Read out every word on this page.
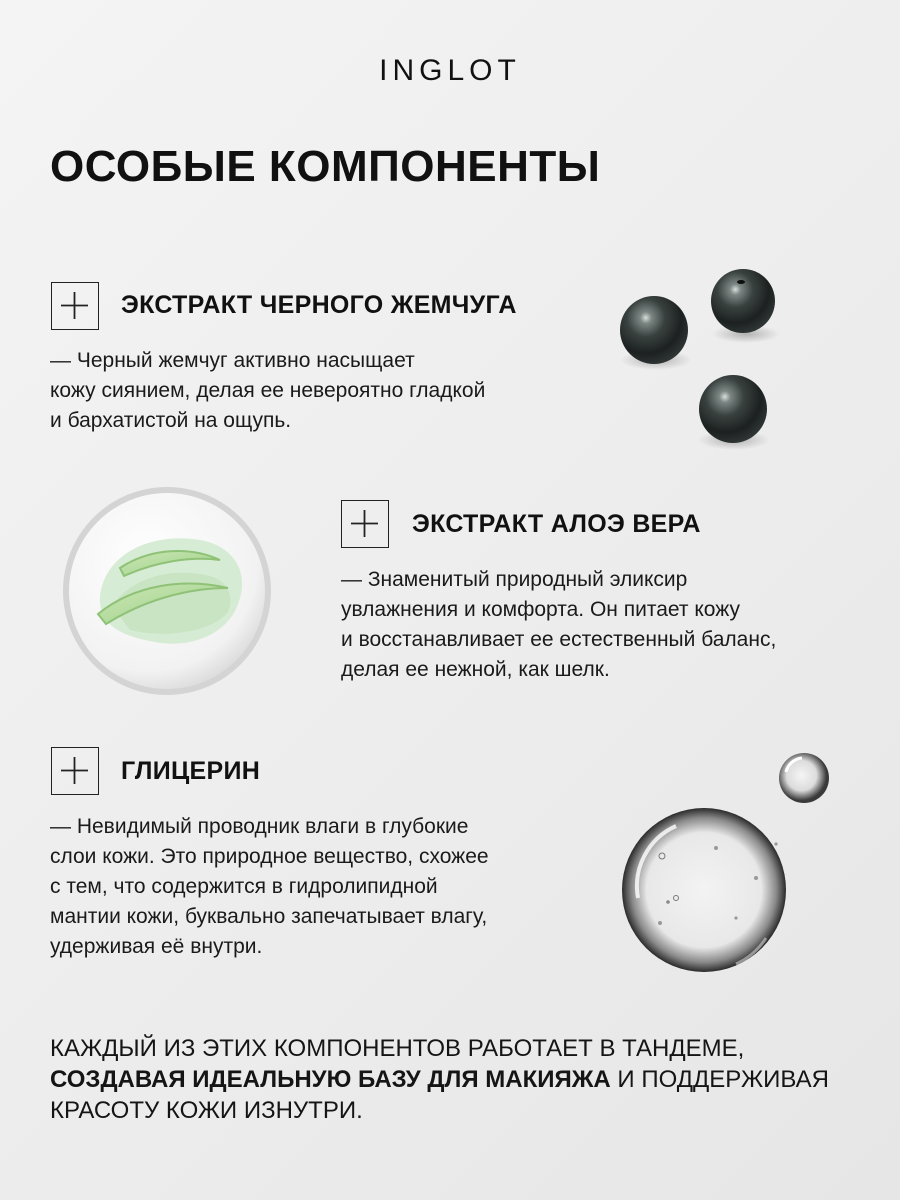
INGLOT
ОСОБЫЕ КОМПОНЕНТЫ
ЭКСТРАКТ ЧЕРНОГО ЖЕМЧУГА

— Черный жемчуг активно насыщает
кожу сиянием, делая ее невероятно гладкой
и бархатистой на ощупь.

ЭКСТРАКТ АЛОЭ ВЕРА

— Знаменитый природный эликсир
увлажнения и комфорта. Он питает кожу
и восстанавливает ее естественный баланс,
делая ее нежной, как шелк.

ГЛИЦЕРИН

— Невидимый проводник влаги в глубокие
слои кожи. Это природное вещество, схожее
с тем, что содержится в гидролипидной
мантии кожи, буквально запечатывает влагу,
удерживая её внутри.

КАЖДЫЙ ИЗ ЭТИХ КОМПОНЕНТОВ РАБОТАЕТ В ТАНДЕМЕ,
СОЗДАВАЯ ИДЕАЛЬНУЮ БАЗУ ДЛЯ МАКИЯЖА И ПОДДЕРЖИВАЯ
КРАСОТУ КОЖИ ИЗНУТРИ.
